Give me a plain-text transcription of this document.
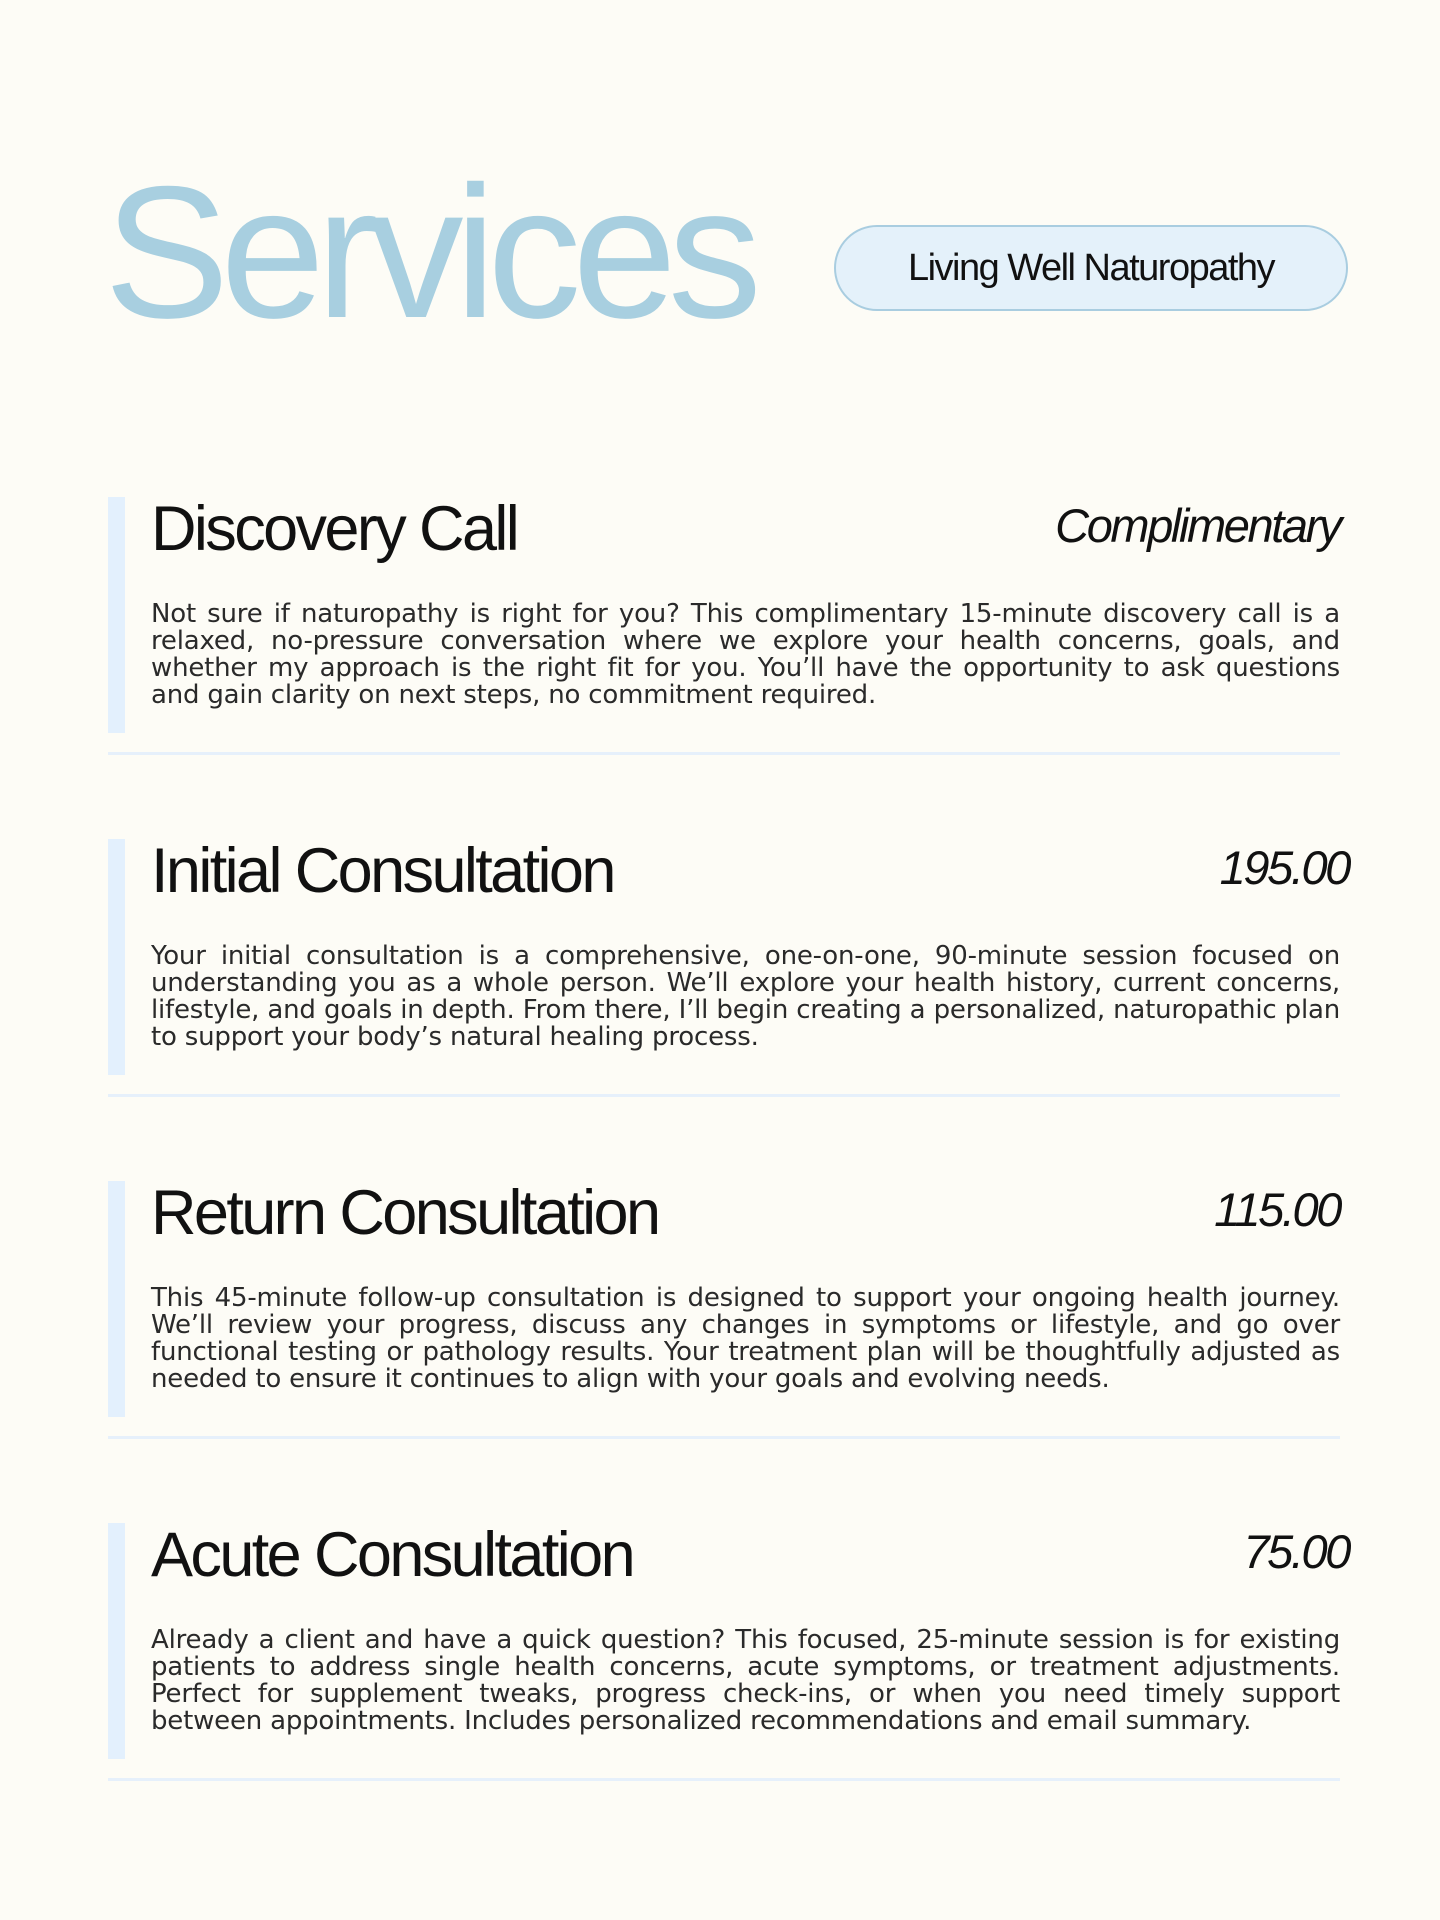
Services	Living Well Naturopathy
Discovery Call	Complimentary

Not sure if naturopathy is right for you? This complimentary 15-minute discovery call is a relaxed, no-pressure conversation where we explore your health concerns, goals, and whether my approach is the right fit for you. You’ll have the opportunity to ask questions and gain clarity on next steps, no commitment required.

Initial Consultation	195.00

Your initial consultation is a comprehensive, one-on-one, 90-minute session focused on understanding you as a whole person. We’ll explore your health history, current concerns, lifestyle, and goals in depth. From there, I’ll begin creating a personalized, naturopathic plan to support your body’s natural healing process.

Return Consultation	115.00

This 45-minute follow-up consultation is designed to support your ongoing health journey. We’ll review your progress, discuss any changes in symptoms or lifestyle, and go over functional testing or pathology results. Your treatment plan will be thoughtfully adjusted as needed to ensure it continues to align with your goals and evolving needs.

Acute Consultation	75.00

Already a client and have a quick question? This focused, 25-minute session is for existing patients to address single health concerns, acute symptoms, or treatment adjustments. Perfect for supplement tweaks, progress check-ins, or when you need timely support between appointments. Includes personalized recommendations and email summary.
